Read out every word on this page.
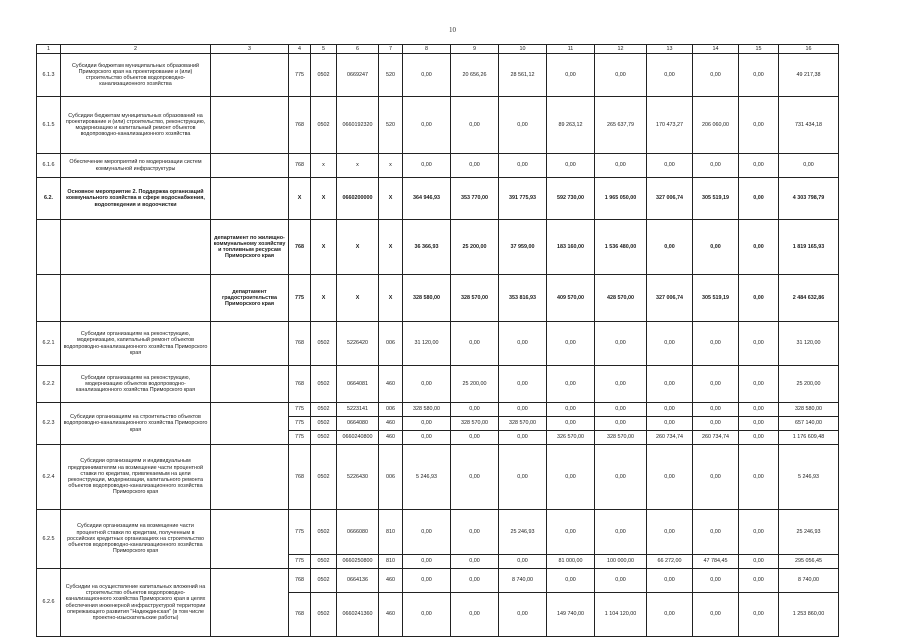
10
1	2	3	4	5	6	7	8	9	10	11	12	13	14	15	16
6.1.3	Субсидии бюджетам муниципальных образований Приморского края на проектирование и (или) строительство объектов водопроводно-канализационного хозяйства		775	0502	0669247	520	0,00	20 656,26	28 561,12	0,00	0,00	0,00	0,00	0,00	49 217,38
6.1.5	Субсидии бюджетам муниципальных образований на проектирование и (или) строительство, реконструкцию, модернизацию и капитальный ремонт объектов водопроводно-канализационного хозяйства		768	0502	0660192320	520	0,00	0,00	0,00	89 263,12	265 637,79	170 473,27	206 060,00	0,00	731 434,18
6.1.6	Обеспечение мероприятий по модернизации систем коммунальной инфраструктуры		768	х	х	х	0,00	0,00	0,00	0,00	0,00	0,00	0,00	0,00	0,00
6.2.	Основное мероприятие 2. Поддержка организаций коммунального хозяйства в сфере водоснабжения, водоотведения и водоочистки		Х	Х	0660200000	Х	364 946,93	353 770,00	391 775,93	592 730,00	1 965 050,00	327 006,74	305 519,19	0,00	4 303 798,79
		департамент по жилищно-коммунальному хозяйству и топливным ресурсам Приморского края	768	Х	Х	Х	36 366,93	25 200,00	37 959,00	183 160,00	1 536 480,00	0,00	0,00	0,00	1 819 165,93
		департамент градостроительства Приморского края	775	Х	Х	Х	328 580,00	328 570,00	353 816,93	409 570,00	428 570,00	327 006,74	305 519,19	0,00	2 484 632,86
6.2.1	Субсидии организациям на реконструкцию, модернизацию, капитальный ремонт объектов водопроводно-канализационного хозяйства Приморского края		768	0502	5226420	006	31 120,00	0,00	0,00	0,00	0,00	0,00	0,00	0,00	31 120,00
6.2.2	Субсидии организациям на реконструкцию, модернизацию объектов водопроводно-канализационного хозяйства Приморского края		768	0502	0664081	460	0,00	25 200,00	0,00	0,00	0,00	0,00	0,00	0,00	25 200,00
6.2.3	Субсидии организациям на строительство объектов водопроводно-канализационного хозяйства Приморского края		775	0502	5223141	006	328 580,00	0,00	0,00	0,00	0,00	0,00	0,00	0,00	328 580,00
			775	0502	0664080	460	0,00	328 570,00	328 570,00	0,00	0,00	0,00	0,00	0,00	657 140,00
			775	0502	0660240800	460	0,00	0,00	0,00	326 570,00	328 570,00	260 734,74	260 734,74	0,00	1 176 609,48
6.2.4	Субсидии организациям и индивидуальным предпринимателям на возмещение части процентной ставки по кредитам, привлекаемым на цели реконструкции, модернизации, капитального ремонта объектов водопроводно-канализационного хозяйства Приморского края		768	0502	5226430	006	5 246,93	0,00	0,00	0,00	0,00	0,00	0,00	0,00	5 246,93
6.2.5	Субсидии организациям на возмещение части процентной ставки по кредитам, полученным в российских кредитных организациях на строительство объектов водопроводно-канализационного хозяйства Приморского края		775	0502	0666080	810	0,00	0,00	25 246,93	0,00	0,00	0,00	0,00	0,00	25 246,93
			775	0502	0660250800	810	0,00	0,00	0,00	81 000,00	100 000,00	66 272,00	47 784,45	0,00	295 056,45
6.2.6	Субсидии на осуществление капитальных вложений на строительство объектов водопроводно-канализационного хозяйства Приморского края в целях обеспечения инженерной инфраструктурой территории опережающего развития "Надеждинская" (в том числе проектно-изыскательские работы)		768	0502	0664136	460	0,00	0,00	8 740,00	0,00	0,00	0,00	0,00	0,00	8 740,00
			768	0502	0660241360	460	0,00	0,00	0,00	149 740,00	1 104 120,00	0,00	0,00	0,00	1 253 860,00
